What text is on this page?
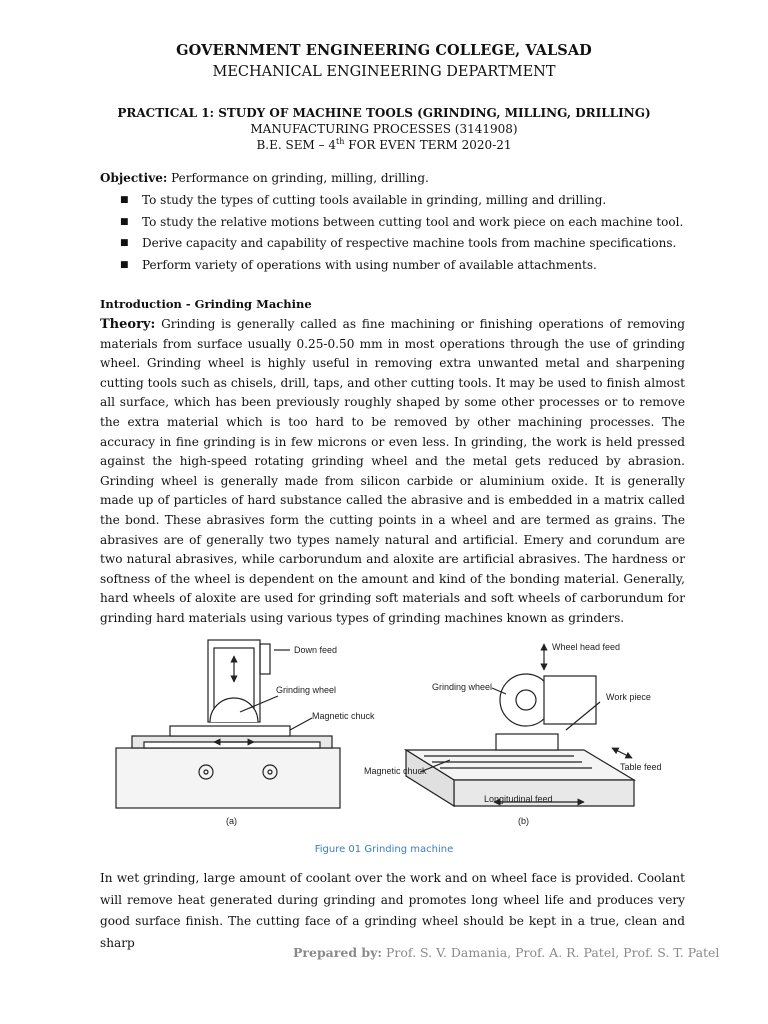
GOVERNMENT ENGINEERING COLLEGE, VALSAD
MECHANICAL ENGINEERING DEPARTMENT
PRACTICAL 1: STUDY OF MACHINE TOOLS (GRINDING, MILLING, DRILLING)
MANUFACTURING PROCESSES (3141908)
B.E. SEM – 4th FOR EVEN TERM 2020-21
Objective: Performance on grinding, milling, drilling.
■ To study the types of cutting tools available in grinding, milling and drilling.
■ To study the relative motions between cutting tool and work piece on each machine tool.
■ Derive capacity and capability of respective machine tools from machine specifications.
■ Perform variety of operations with using number of available attachments.
Introduction - Grinding Machine

Theory: Grinding is generally called as fine machining or finishing operations of removing materials from surface usually 0.25-0.50 mm in most operations through the use of grinding wheel. Grinding wheel is highly useful in removing extra unwanted metal and sharpening cutting tools such as chisels, drill, taps, and other cutting tools. It may be used to finish almost all surface, which has been previously roughly shaped by some other processes or to remove the extra material which is too hard to be removed by other machining processes. The accuracy in fine grinding is in few microns or even less. In grinding, the work is held pressed against the high-speed rotating grinding wheel and the metal gets reduced by abrasion. Grinding wheel is generally made from silicon carbide or aluminium oxide. It is generally made up of particles of hard substance called the abrasive and is embedded in a matrix called the bond. These abrasives form the cutting points in a wheel and are termed as grains. The abrasives are of generally two types namely natural and artificial. Emery and corundum are two natural abrasives, while carborundum and aloxite are artificial abrasives. The hardness or softness of the wheel is dependent on the amount and kind of the bonding material. Generally, hard wheels of aloxite are used for grinding soft materials and soft wheels of carborundum for grinding hard materials using various types of grinding machines known as grinders.

Down feed
Grinding wheel
Magnetic chuck
(a)
Wheel head feed
Grinding wheel
Work piece
Magnetic chuck	Table feed
Longitudinal feed
(b)
Figure 01 Grinding machine

In wet grinding, large amount of coolant over the work and on wheel face is provided. Coolant will remove heat generated during grinding and promotes long wheel life and produces very good surface finish. The cutting face of a grinding wheel should be kept in a true, clean and sharp

Prepared by: Prof. S. V. Damania, Prof. A. R. Patel, Prof. S. T. Patel
